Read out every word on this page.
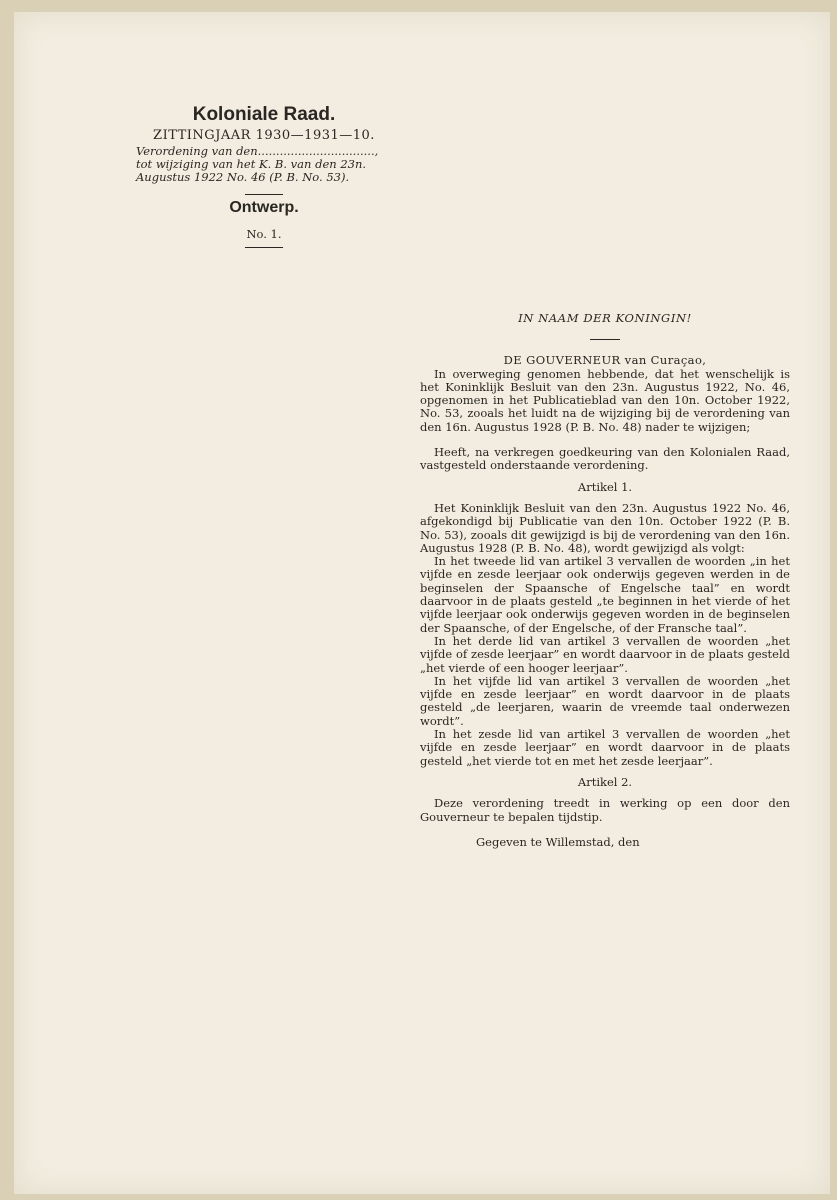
Koloniale Raad.
ZITTINGJAAR 1930—1931—10.
Verordening van den................................, tot wijziging van het K. B. van den 23n. Augustus 1922 No. 46 (P. B. No. 53).
Ontwerp.
No. 1.
IN NAAM DER KONINGIN!
DE GOUVERNEUR van Curaçao,

In overweging genomen hebbende, dat het wenschelijk is het Koninklijk Besluit van den 23n. Augustus 1922, No. 46, opgenomen in het Publicatieblad van den 10n. October 1922, No. 53, zooals het luidt na de wijziging bij de verordening van den 16n. Augustus 1928 (P. B. No. 48) nader te wijzigen;

Heeft, na verkregen goedkeuring van den Kolonialen Raad, vastgesteld onderstaande verordening.

Artikel 1.

Het Koninklijk Besluit van den 23n. Augustus 1922 No. 46, afgekondigd bij Publicatie van den 10n. October 1922 (P. B. No. 53), zooals dit gewijzigd is bij de verordening van den 16n. Augustus 1928 (P. B. No. 48), wordt gewijzigd als volgt:

In het tweede lid van artikel 3 vervallen de woorden „in het vijfde en zesde leerjaar ook onderwijs gegeven werden in de beginselen der Spaansche of Engelsche taal” en wordt daarvoor in de plaats gesteld „te beginnen in het vierde of het vijfde leerjaar ook onderwijs gegeven worden in de beginselen der Spaansche, of der Engelsche, of der Fransche taal”.

In het derde lid van artikel 3 vervallen de woorden „het vijfde of zesde leerjaar” en wordt daarvoor in de plaats gesteld „het vierde of een hooger leerjaar”.

In het vijfde lid van artikel 3 vervallen de woorden „het vijfde en zesde leerjaar” en wordt daarvoor in de plaats gesteld „de leerjaren, waarin de vreemde taal onderwezen wordt”.

In het zesde lid van artikel 3 vervallen de woorden „het vijfde en zesde leerjaar” en wordt daarvoor in de plaats gesteld „het vierde tot en met het zesde leerjaar”.

Artikel 2.

Deze verordening treedt in werking op een door den Gouverneur te bepalen tijdstip.

Gegeven te Willemstad, den
